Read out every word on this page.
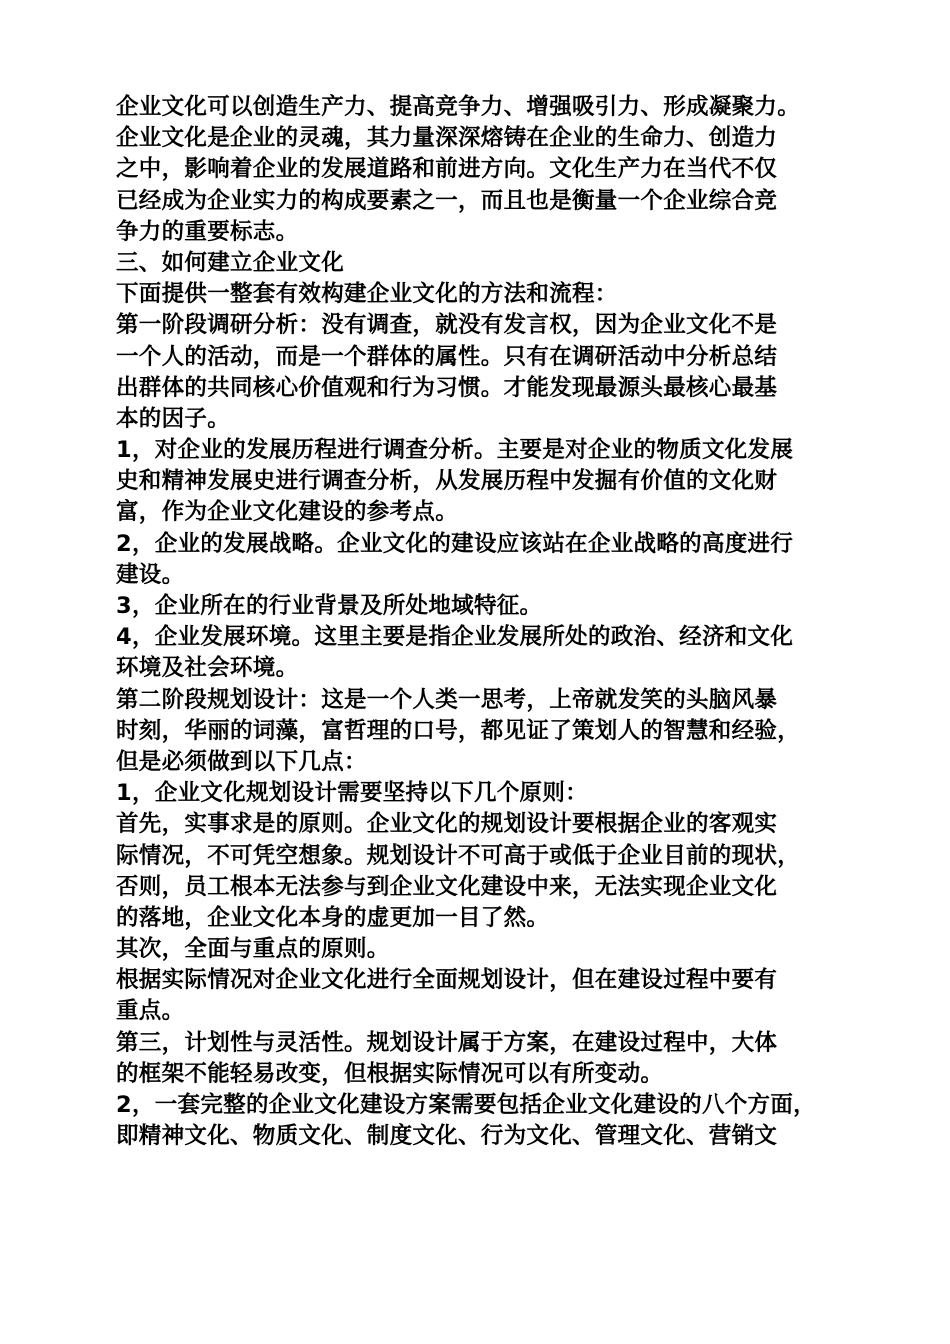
企业文化可以创造生产力、提高竞争力、增强吸引力、形成凝聚力。
企业文化是企业的灵魂，其力量深深熔铸在企业的生命力、创造力
之中，影响着企业的发展道路和前进方向。文化生产力在当代不仅
已经成为企业实力的构成要素之一，而且也是衡量一个企业综合竞
争力的重要标志。
三、如何建立企业文化
下面提供一整套有效构建企业文化的方法和流程：
第一阶段调研分析：没有调查，就没有发言权，因为企业文化不是
一个人的活动，而是一个群体的属性。只有在调研活动中分析总结
出群体的共同核心价值观和行为习惯。才能发现最源头最核心最基
本的因子。
1，对企业的发展历程进行调查分析。主要是对企业的物质文化发展
史和精神发展史进行调查分析，从发展历程中发掘有价值的文化财
富，作为企业文化建设的参考点。
2，企业的发展战略。企业文化的建设应该站在企业战略的高度进行
建设。
3，企业所在的行业背景及所处地域特征。
4，企业发展环境。这里主要是指企业发展所处的政治、经济和文化
环境及社会环境。
第二阶段规划设计：这是一个人类一思考，上帝就发笑的头脑风暴
时刻，华丽的词藻，富哲理的口号，都见证了策划人的智慧和经验，
但是必须做到以下几点：
1，企业文化规划设计需要坚持以下几个原则：
首先，实事求是的原则。企业文化的规划设计要根据企业的客观实
际情况，不可凭空想象。规划设计不可高于或低于企业目前的现状，
否则，员工根本无法参与到企业文化建设中来，无法实现企业文化
的落地，企业文化本身的虚更加一目了然。
其次，全面与重点的原则。
根据实际情况对企业文化进行全面规划设计，但在建设过程中要有
重点。
第三，计划性与灵活性。规划设计属于方案，在建设过程中，大体
的框架不能轻易改变，但根据实际情况可以有所变动。
2，一套完整的企业文化建设方案需要包括企业文化建设的八个方面，
即精神文化、物质文化、制度文化、行为文化、管理文化、营销文
